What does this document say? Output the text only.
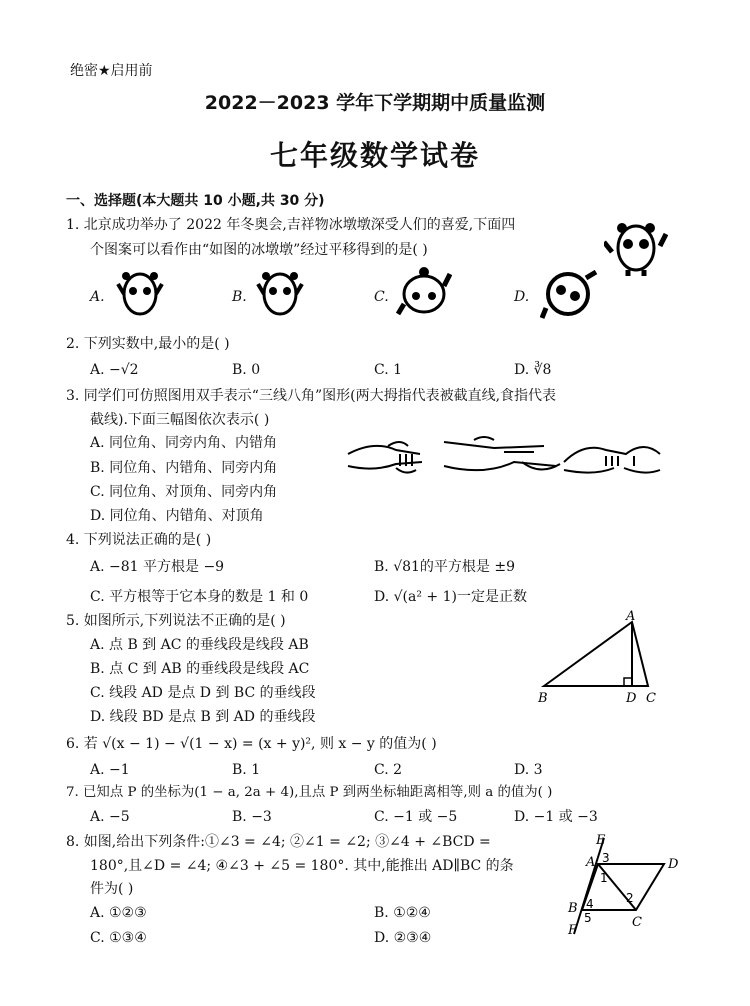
绝密★启用前
2022－2023 学年下学期期中质量监测
七年级数学试卷
一、选择题(本大题共 10 小题,共 30 分)
1. 北京成功举办了 2022 年冬奥会,吉祥物冰墩墩深受人们的喜爱,下面四
个图案可以看作由“如图的冰墩墩”经过平移得到的是( )
A.	B.	C.	D.
2. 下列实数中,最小的是( )
A. −√2	B. 0	C. 1	D. ∛8
3. 同学们可仿照图用双手表示“三线八角”图形(两大拇指代表被截直线,食指代表
截线).下面三幅图依次表示( )
A. 同位角、同旁内角、内错角
B. 同位角、内错角、同旁内角
C. 同位角、对顶角、同旁内角
D. 同位角、内错角、对顶角
4. 下列说法正确的是( )
A. −81 平方根是 −9	B. √81的平方根是 ±9
C. 平方根等于它本身的数是 1 和 0	D. √(a² + 1)一定是正数
5. 如图所示,下列说法不正确的是( )
A. 点 B 到 AC 的垂线段是线段 AB
B. 点 C 到 AB 的垂线段是线段 AC
C. 线段 AD 是点 D 到 BC 的垂线段
D. 线段 BD 是点 B 到 AD 的垂线段
A
B	D C
6. 若 √(x − 1) − √(1 − x) = (x + y)², 则 x − y 的值为( )
A. −1	B. 1	C. 2	D. 3
7. 已知点 P 的坐标为(1 − a, 2a + 4),且点 P 到两坐标轴距离相等,则 a 的值为( )
A. −5	B. −3	C. −1 或 −5	D. −1 或 −3
8. 如图,给出下列条件:①∠3 = ∠4; ②∠1 = ∠2; ③∠4 + ∠BCD =
180°,且∠D = ∠4; ④∠3 + ∠5 = 180°. 其中,能推出 AD∥BC 的条
件为( )
A. ①②③	B. ①②④
C. ①③④	D. ②③④
E
A 3	D
1
2
B 4
5	C
F
